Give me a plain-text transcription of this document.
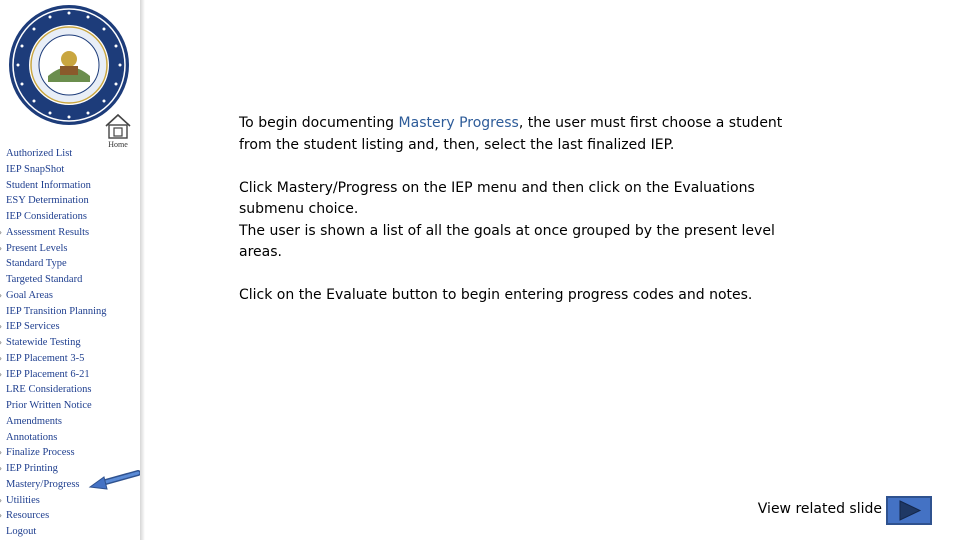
Home
Authorized List
IEP SnapShot
Student Information
ESY Determination
IEP Considerations
› Assessment Results
› Present Levels
Standard Type
Targeted Standard
› Goal Areas
IEP Transition Planning
› IEP Services
› Statewide Testing
› IEP Placement 3-5
› IEP Placement 6-21
LRE Considerations
Prior Written Notice
Amendments
Annotations
› Finalize Process
› IEP Printing
Mastery/Progress
› Utilities
› Resources
Logout

To begin documenting Mastery Progress, the user must first choose a student from the student listing and, then, select the last finalized IEP.

Click Mastery/Progress on the IEP menu and then click on the Evaluations submenu choice.
The user is shown a list of all the goals at once grouped by the present level areas.

Click on the Evaluate button to begin entering progress codes and notes.

View related slide
